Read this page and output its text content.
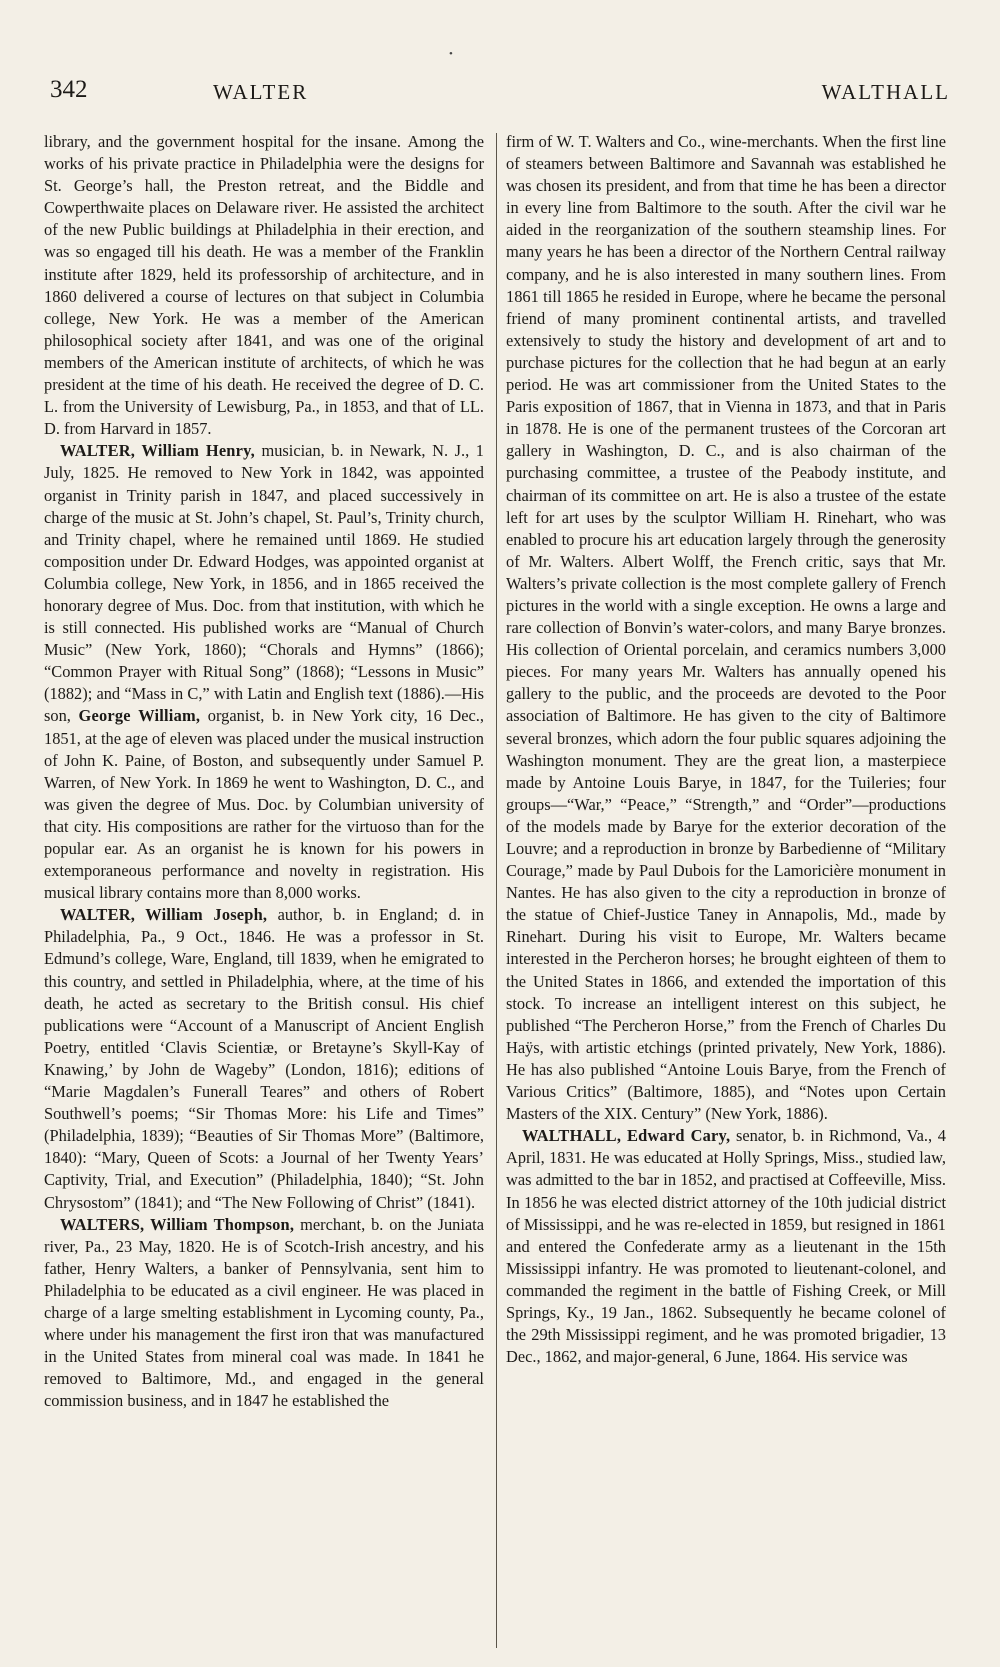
•
342	WALTER	WALTHALL

library, and the government hospital for the insane. Among the works of his private practice in Philadelphia were the designs for St. George’s hall, the Preston retreat, and the Biddle and Cowperthwaite places on Delaware river. He assisted the architect of the new Public buildings at Philadelphia in their erection, and was so engaged till his death. He was a member of the Franklin institute after 1829, held its professorship of architecture, and in 1860 delivered a course of lectures on that subject in Columbia college, New York. He was a member of the American philosophical society after 1841, and was one of the original members of the American institute of architects, of which he was president at the time of his death. He received the degree of D. C. L. from the University of Lewisburg, Pa., in 1853, and that of LL. D. from Harvard in 1857.

WALTER, William Henry, musician, b. in Newark, N. J., 1 July, 1825. He removed to New York in 1842, was appointed organist in Trinity parish in 1847, and placed successively in charge of the music at St. John’s chapel, St. Paul’s, Trinity church, and Trinity chapel, where he remained until 1869. He studied composition under Dr. Edward Hodges, was appointed organist at Columbia college, New York, in 1856, and in 1865 received the honorary degree of Mus. Doc. from that institution, with which he is still connected. His published works are “Manual of Church Music” (New York, 1860); “Chorals and Hymns” (1866); “Common Prayer with Ritual Song” (1868); “Lessons in Music” (1882); and “Mass in C,” with Latin and English text (1886).—His son, George William, organist, b. in New York city, 16 Dec., 1851, at the age of eleven was placed under the musical instruction of John K. Paine, of Boston, and subsequently under Samuel P. Warren, of New York. In 1869 he went to Washington, D. C., and was given the degree of Mus. Doc. by Columbian university of that city. His compositions are rather for the virtuoso than for the popular ear. As an organist he is known for his powers in extemporaneous performance and novelty in registration. His musical library contains more than 8,000 works.

WALTER, William Joseph, author, b. in England; d. in Philadelphia, Pa., 9 Oct., 1846. He was a professor in St. Edmund’s college, Ware, England, till 1839, when he emigrated to this country, and settled in Philadelphia, where, at the time of his death, he acted as secretary to the British consul. His chief publications were “Account of a Manuscript of Ancient English Poetry, entitled ‘Clavis Scientiæ, or Bretayne’s Skyll-Kay of Knawing,’ by John de Wageby” (London, 1816); editions of “Marie Magdalen’s Funerall Teares” and others of Robert Southwell’s poems; “Sir Thomas More: his Life and Times” (Philadelphia, 1839); “Beauties of Sir Thomas More” (Baltimore, 1840): “Mary, Queen of Scots: a Journal of her Twenty Years’ Captivity, Trial, and Execution” (Philadelphia, 1840); “St. John Chrysostom” (1841); and “The New Following of Christ” (1841).

WALTERS, William Thompson, merchant, b. on the Juniata river, Pa., 23 May, 1820. He is of Scotch-Irish ancestry, and his father, Henry Walters, a banker of Pennsylvania, sent him to Philadelphia to be educated as a civil engineer. He was placed in charge of a large smelting establishment in Lycoming county, Pa., where under his management the first iron that was manufactured in the United States from mineral coal was made. In 1841 he removed to Baltimore, Md., and engaged in the general commission business, and in 1847 he established the

firm of W. T. Walters and Co., wine-merchants. When the first line of steamers between Baltimore and Savannah was established he was chosen its president, and from that time he has been a director in every line from Baltimore to the south. After the civil war he aided in the reorganization of the southern steamship lines. For many years he has been a director of the Northern Central railway company, and he is also interested in many southern lines. From 1861 till 1865 he resided in Europe, where he became the personal friend of many prominent continental artists, and travelled extensively to study the history and development of art and to purchase pictures for the collection that he had begun at an early period. He was art commissioner from the United States to the Paris exposition of 1867, that in Vienna in 1873, and that in Paris in 1878. He is one of the permanent trustees of the Corcoran art gallery in Washington, D. C., and is also chairman of the purchasing committee, a trustee of the Peabody institute, and chairman of its committee on art. He is also a trustee of the estate left for art uses by the sculptor William H. Rinehart, who was enabled to procure his art education largely through the generosity of Mr. Walters. Albert Wolff, the French critic, says that Mr. Walters’s private collection is the most complete gallery of French pictures in the world with a single exception. He owns a large and rare collection of Bonvin’s water-colors, and many Barye bronzes. His collection of Oriental porcelain, and ceramics numbers 3,000 pieces. For many years Mr. Walters has annually opened his gallery to the public, and the proceeds are devoted to the Poor association of Baltimore. He has given to the city of Baltimore several bronzes, which adorn the four public squares adjoining the Washington monument. They are the great lion, a masterpiece made by Antoine Louis Barye, in 1847, for the Tuileries; four groups—“War,” “Peace,” “Strength,” and “Order”—productions of the models made by Barye for the exterior decoration of the Louvre; and a reproduction in bronze by Barbedienne of “Military Courage,” made by Paul Dubois for the Lamoricière monument in Nantes. He has also given to the city a reproduction in bronze of the statue of Chief-Justice Taney in Annapolis, Md., made by Rinehart. During his visit to Europe, Mr. Walters became interested in the Percheron horses; he brought eighteen of them to the United States in 1866, and extended the importation of this stock. To increase an intelligent interest on this subject, he published “The Percheron Horse,” from the French of Charles Du Haÿs, with artistic etchings (printed privately, New York, 1886). He has also published “Antoine Louis Barye, from the French of Various Critics” (Baltimore, 1885), and “Notes upon Certain Masters of the XIX. Century” (New York, 1886).

WALTHALL, Edward Cary, senator, b. in Richmond, Va., 4 April, 1831. He was educated at Holly Springs, Miss., studied law, was admitted to the bar in 1852, and practised at Coffeeville, Miss. In 1856 he was elected district attorney of the 10th judicial district of Mississippi, and he was re-elected in 1859, but resigned in 1861 and entered the Confederate army as a lieutenant in the 15th Mississippi infantry. He was promoted to lieutenant-colonel, and commanded the regiment in the battle of Fishing Creek, or Mill Springs, Ky., 19 Jan., 1862. Subsequently he became colonel of the 29th Mississippi regiment, and he was promoted brigadier, 13 Dec., 1862, and major-general, 6 June, 1864. His service was
